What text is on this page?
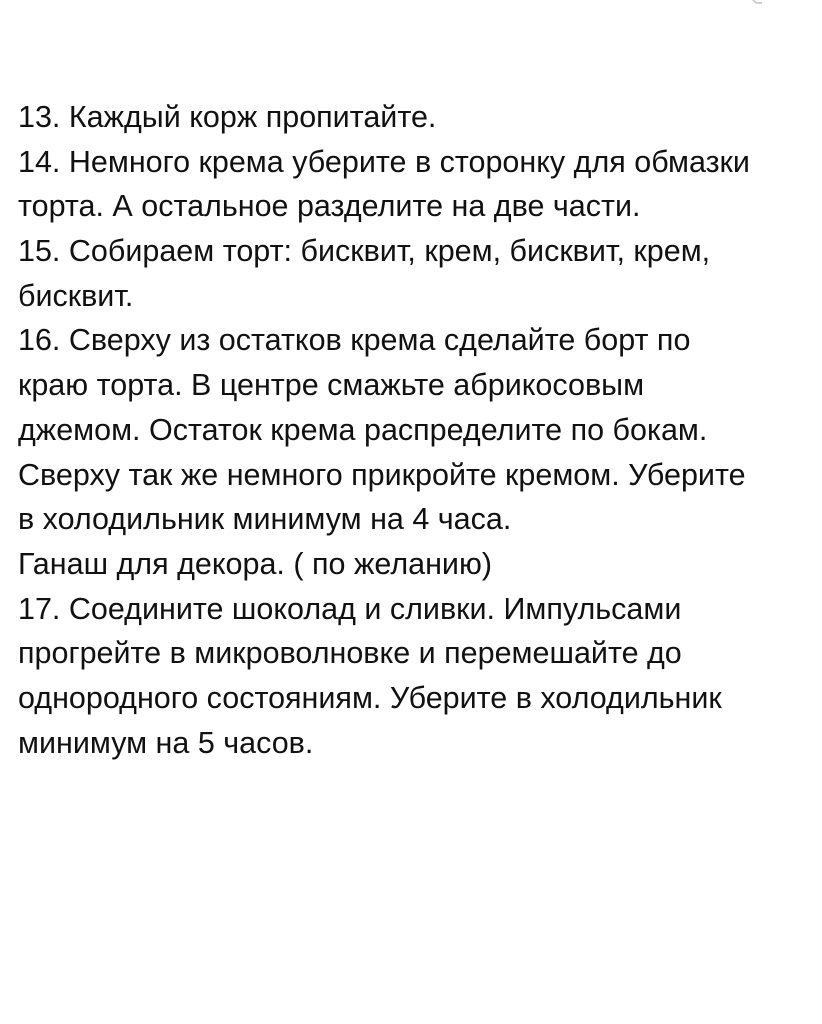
13. Каждый корж пропитайте.
14. Немного крема уберите в сторонку для обмазки
торта. А остальное разделите на две части.
15. Собираем торт: бисквит, крем, бисквит, крем,
бисквит.
16. Сверху из остатков крема сделайте борт по
краю торта. В центре смажьте абрикосовым
джемом. Остаток крема распределите по бокам.
Сверху так же немного прикройте кремом. Уберите
в холодильник минимум на 4 часа.
Ганаш для декора. ( по желанию)
17. Соедините шоколад и сливки. Импульсами
прогрейте в микроволновке и перемешайте до
однородного состояниям. Уберите в холодильник
минимум на 5 часов.
